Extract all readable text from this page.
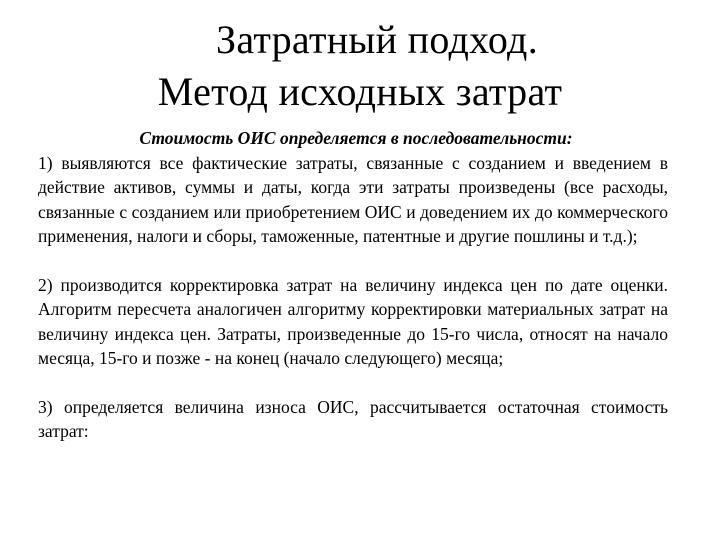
Затратный подход.
Метод исходных затрат

Стоимость ОИС определяется в последовательности:

1) выявляются все фактические затраты, связанные с созданием и введением в действие активов, суммы и даты, когда эти затраты произведены (все расходы, связанные с созданием или приобретением ОИС и доведением их до коммерческого применения, налоги и сборы, таможенные, патентные и другие пошлины и т.д.);

2) производится корректировка затрат на величину индекса цен по дате оценки. Алгоритм пересчета аналогичен алгоритму корректировки материальных затрат на величину индекса цен. Затраты, произведенные до 15-го числа, относят на начало месяца, 15-го и позже - на конец (начало следующего) месяца;

3) определяется величина износа ОИС, рассчитывается остаточная стоимость затрат:
